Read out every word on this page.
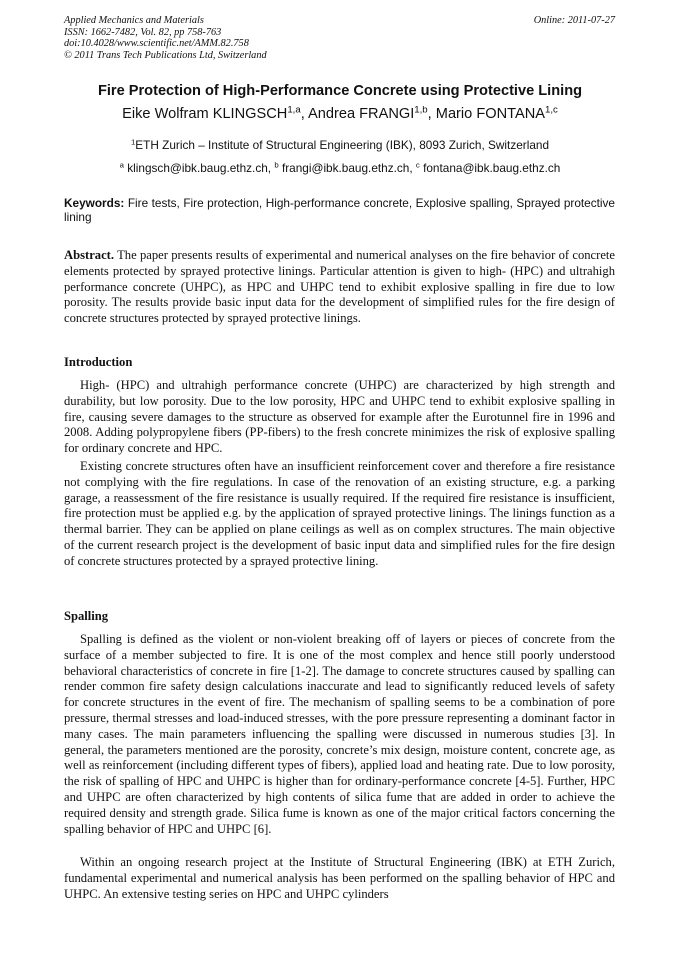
Applied Mechanics and Materials
ISSN: 1662-7482, Vol. 82, pp 758-763
doi:10.4028/www.scientific.net/AMM.82.758
© 2011 Trans Tech Publications Ltd, Switzerland
Online: 2011-07-27
Fire Protection of High-Performance Concrete using Protective Lining
Eike Wolfram KLINGSCH$^{1,a}$, Andrea FRANGI$^{1,b}$, Mario FONTANA$^{1,c}$
$^1$ETH Zurich – Institute of Structural Engineering (IBK), 8093 Zurich, Switzerland
$^a$ klingsch@ibk.baug.ethz.ch, $^b$ frangi@ibk.baug.ethz.ch, $^c$ fontana@ibk.baug.ethz.ch
Keywords: Fire tests, Fire protection, High-performance concrete, Explosive spalling, Sprayed protective lining
Abstract. The paper presents results of experimental and numerical analyses on the fire behavior of concrete elements protected by sprayed protective linings. Particular attention is given to high- (HPC) and ultrahigh performance concrete (UHPC), as HPC and UHPC tend to exhibit explosive spalling in fire due to low porosity. The results provide basic input data for the development of simplified rules for the fire design of concrete structures protected by sprayed protective linings.
Introduction
High- (HPC) and ultrahigh performance concrete (UHPC) are characterized by high strength and durability, but low porosity. Due to the low porosity, HPC and UHPC tend to exhibit explosive spalling in fire, causing severe damages to the structure as observed for example after the Eurotunnel fire in 1996 and 2008. Adding polypropylene fibers (PP-fibers) to the fresh concrete minimizes the risk of explosive spalling for ordinary concrete and HPC.
Existing concrete structures often have an insufficient reinforcement cover and therefore a fire resistance not complying with the fire regulations. In case of the renovation of an existing structure, e.g. a parking garage, a reassessment of the fire resistance is usually required. If the required fire resistance is insufficient, fire protection must be applied e.g. by the application of sprayed protective linings. The linings function as a thermal barrier. They can be applied on plane ceilings as well as on complex structures. The main objective of the current research project is the development of basic input data and simplified rules for the fire design of concrete structures protected by a sprayed protective lining.
Spalling
Spalling is defined as the violent or non-violent breaking off of layers or pieces of concrete from the surface of a member subjected to fire. It is one of the most complex and hence still poorly understood behavioral characteristics of concrete in fire [1-2]. The damage to concrete structures caused by spalling can render common fire safety design calculations inaccurate and lead to significantly reduced levels of safety for concrete structures in the event of fire. The mechanism of spalling seems to be a combination of pore pressure, thermal stresses and load-induced stresses, with the pore pressure representing a dominant factor in many cases. The main parameters influencing the spalling were discussed in numerous studies [3]. In general, the parameters mentioned are the porosity, concrete’s mix design, moisture content, concrete age, as well as reinforcement (including different types of fibers), applied load and heating rate. Due to low porosity, the risk of spalling of HPC and UHPC is higher than for ordinary-performance concrete [4-5]. Further, HPC and UHPC are often characterized by high contents of silica fume that are added in order to achieve the required density and strength grade. Silica fume is known as one of the major critical factors concerning the spalling behavior of HPC and UHPC [6].
Within an ongoing research project at the Institute of Structural Engineering (IBK) at ETH Zurich, fundamental experimental and numerical analysis has been performed on the spalling behavior of HPC and UHPC. An extensive testing series on HPC and UHPC cylinders
